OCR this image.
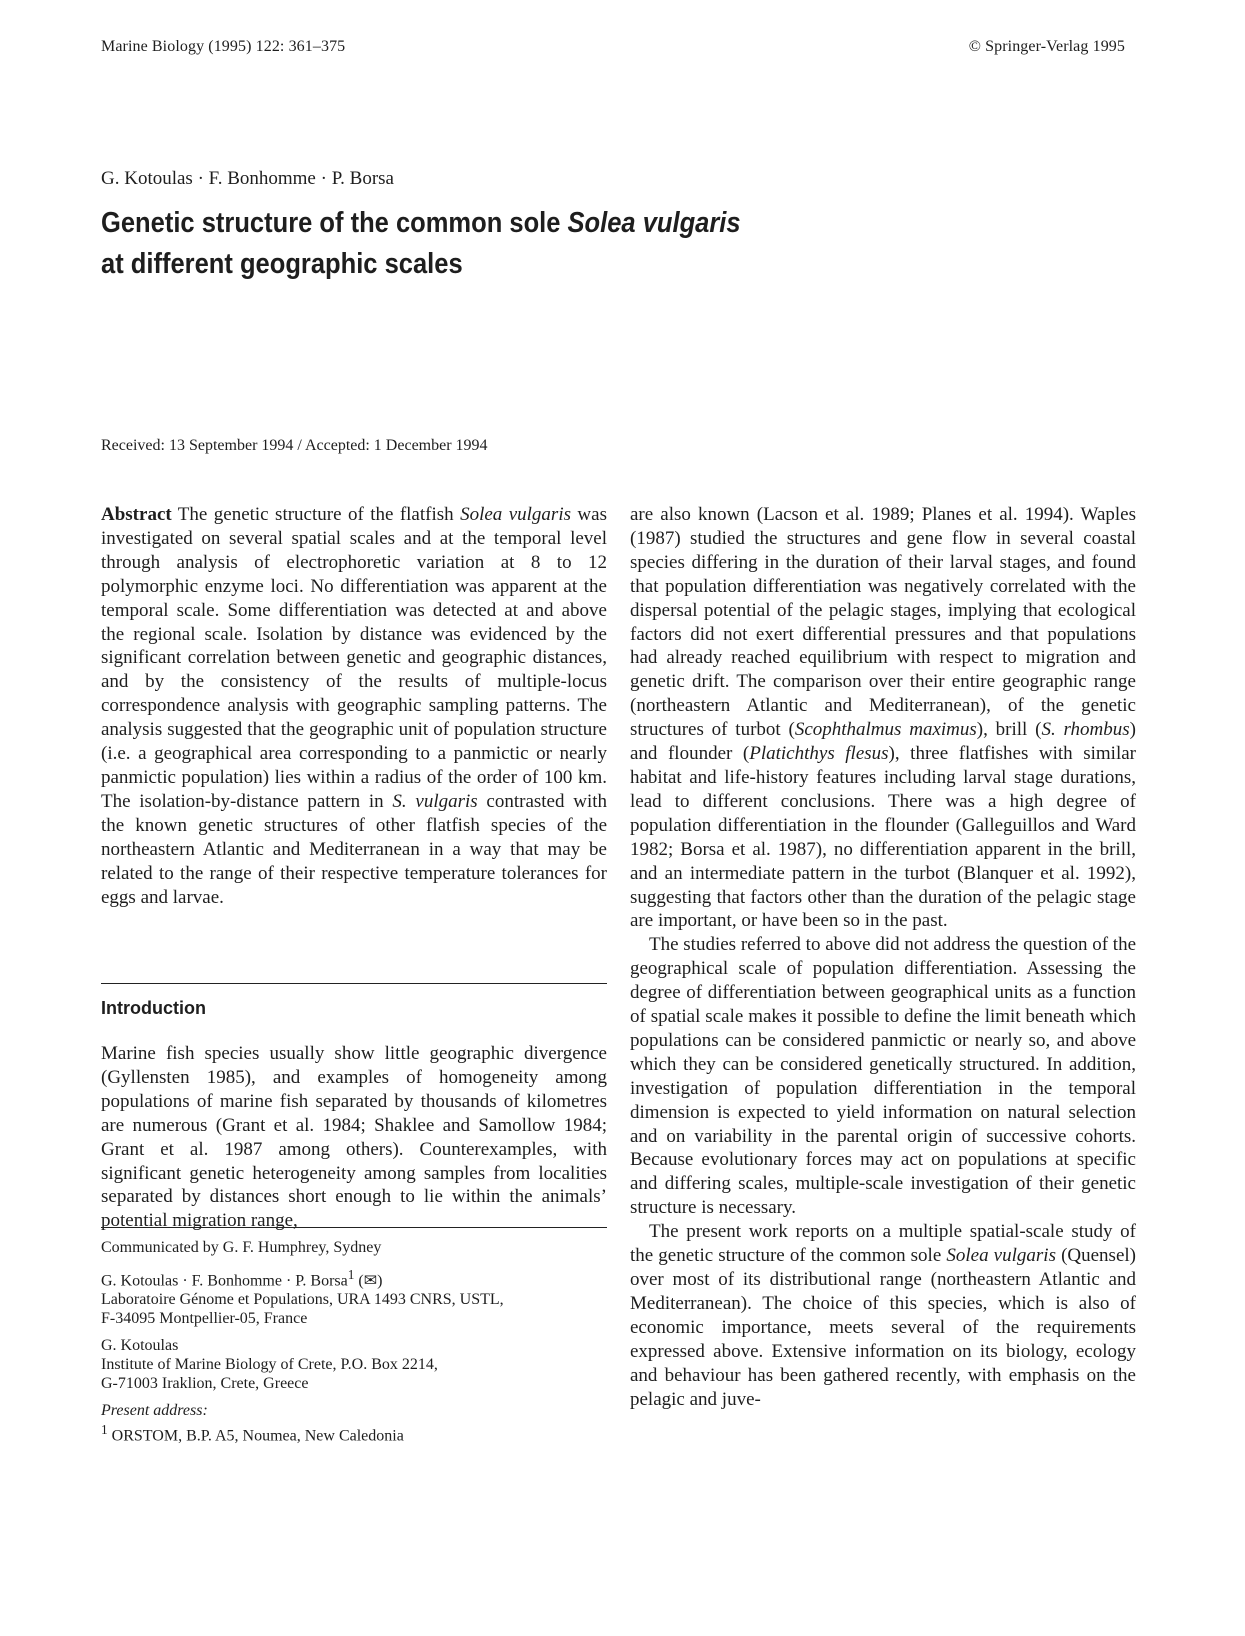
Marine Biology (1995) 122: 361–375	© Springer-Verlag 1995
G. Kotoulas · F. Bonhomme · P. Borsa
Genetic structure of the common sole Solea vulgaris
at different geographic scales
Received: 13 September 1994 / Accepted: 1 December 1994

Abstract The genetic structure of the flatfish Solea vulgaris was investigated on several spatial scales and at the temporal level through analysis of electrophoretic variation at 8 to 12 polymorphic enzyme loci. No differentiation was apparent at the temporal scale. Some differentiation was detected at and above the regional scale. Isolation by distance was evidenced by the significant correlation between genetic and geographic distances, and by the consistency of the results of multiple-locus correspondence analysis with geographic sampling patterns. The analysis suggested that the geographic unit of population structure (i.e. a geographical area corresponding to a panmictic or nearly panmictic population) lies within a radius of the order of 100 km. The isolation-by-distance pattern in S. vulgaris contrasted with the known genetic structures of other flatfish species of the northeastern Atlantic and Mediterranean in a way that may be related to the range of their respective temperature tolerances for eggs and larvae.

Introduction

Marine fish species usually show little geographic divergence (Gyllensten 1985), and examples of homogeneity among populations of marine fish separated by thousands of kilometres are numerous (Grant et al. 1984; Shaklee and Samollow 1984; Grant et al. 1987 among others). Counterexamples, with significant genetic heterogeneity among samples from localities separated by distances short enough to lie within the animals’ potential migration range,

Communicated by G. F. Humphrey, Sydney

G. Kotoulas · F. Bonhomme · P. Borsa$^1$ (✉)

Laboratoire Génome et Populations, URA 1493 CNRS, USTL,

F-34095 Montpellier-05, France

G. Kotoulas

Institute of Marine Biology of Crete, P.O. Box 2214,

G-71003 Iraklion, Crete, Greece

Present address:

$^1$ ORSTOM, B.P. A5, Noumea, New Caledonia

are also known (Lacson et al. 1989; Planes et al. 1994). Waples (1987) studied the structures and gene flow in several coastal species differing in the duration of their larval stages, and found that population differentiation was negatively correlated with the dispersal potential of the pelagic stages, implying that ecological factors did not exert differential pressures and that populations had already reached equilibrium with respect to migration and genetic drift. The comparison over their entire geographic range (northeastern Atlantic and Mediterranean), of the genetic structures of turbot (Scophthalmus maximus), brill (S. rhombus) and flounder (Platichthys flesus), three flatfishes with similar habitat and life-history features including larval stage durations, lead to different conclusions. There was a high degree of population differentiation in the flounder (Galleguillos and Ward 1982; Borsa et al. 1987), no differentiation apparent in the brill, and an intermediate pattern in the turbot (Blanquer et al. 1992), suggesting that factors other than the duration of the pelagic stage are important, or have been so in the past.

The studies referred to above did not address the question of the geographical scale of population differentiation. Assessing the degree of differentiation between geographical units as a function of spatial scale makes it possible to define the limit beneath which populations can be considered panmictic or nearly so, and above which they can be considered genetically structured. In addition, investigation of population differentiation in the temporal dimension is expected to yield information on natural selection and on variability in the parental origin of successive cohorts. Because evolutionary forces may act on populations at specific and differing scales, multiple-scale investigation of their genetic structure is necessary.

The present work reports on a multiple spatial-scale study of the genetic structure of the common sole Solea vulgaris (Quensel) over most of its distributional range (northeastern Atlantic and Mediterranean). The choice of this species, which is also of economic importance, meets several of the requirements expressed above. Extensive information on its biology, ecology and behaviour has been gathered recently, with emphasis on the pelagic and juve-
